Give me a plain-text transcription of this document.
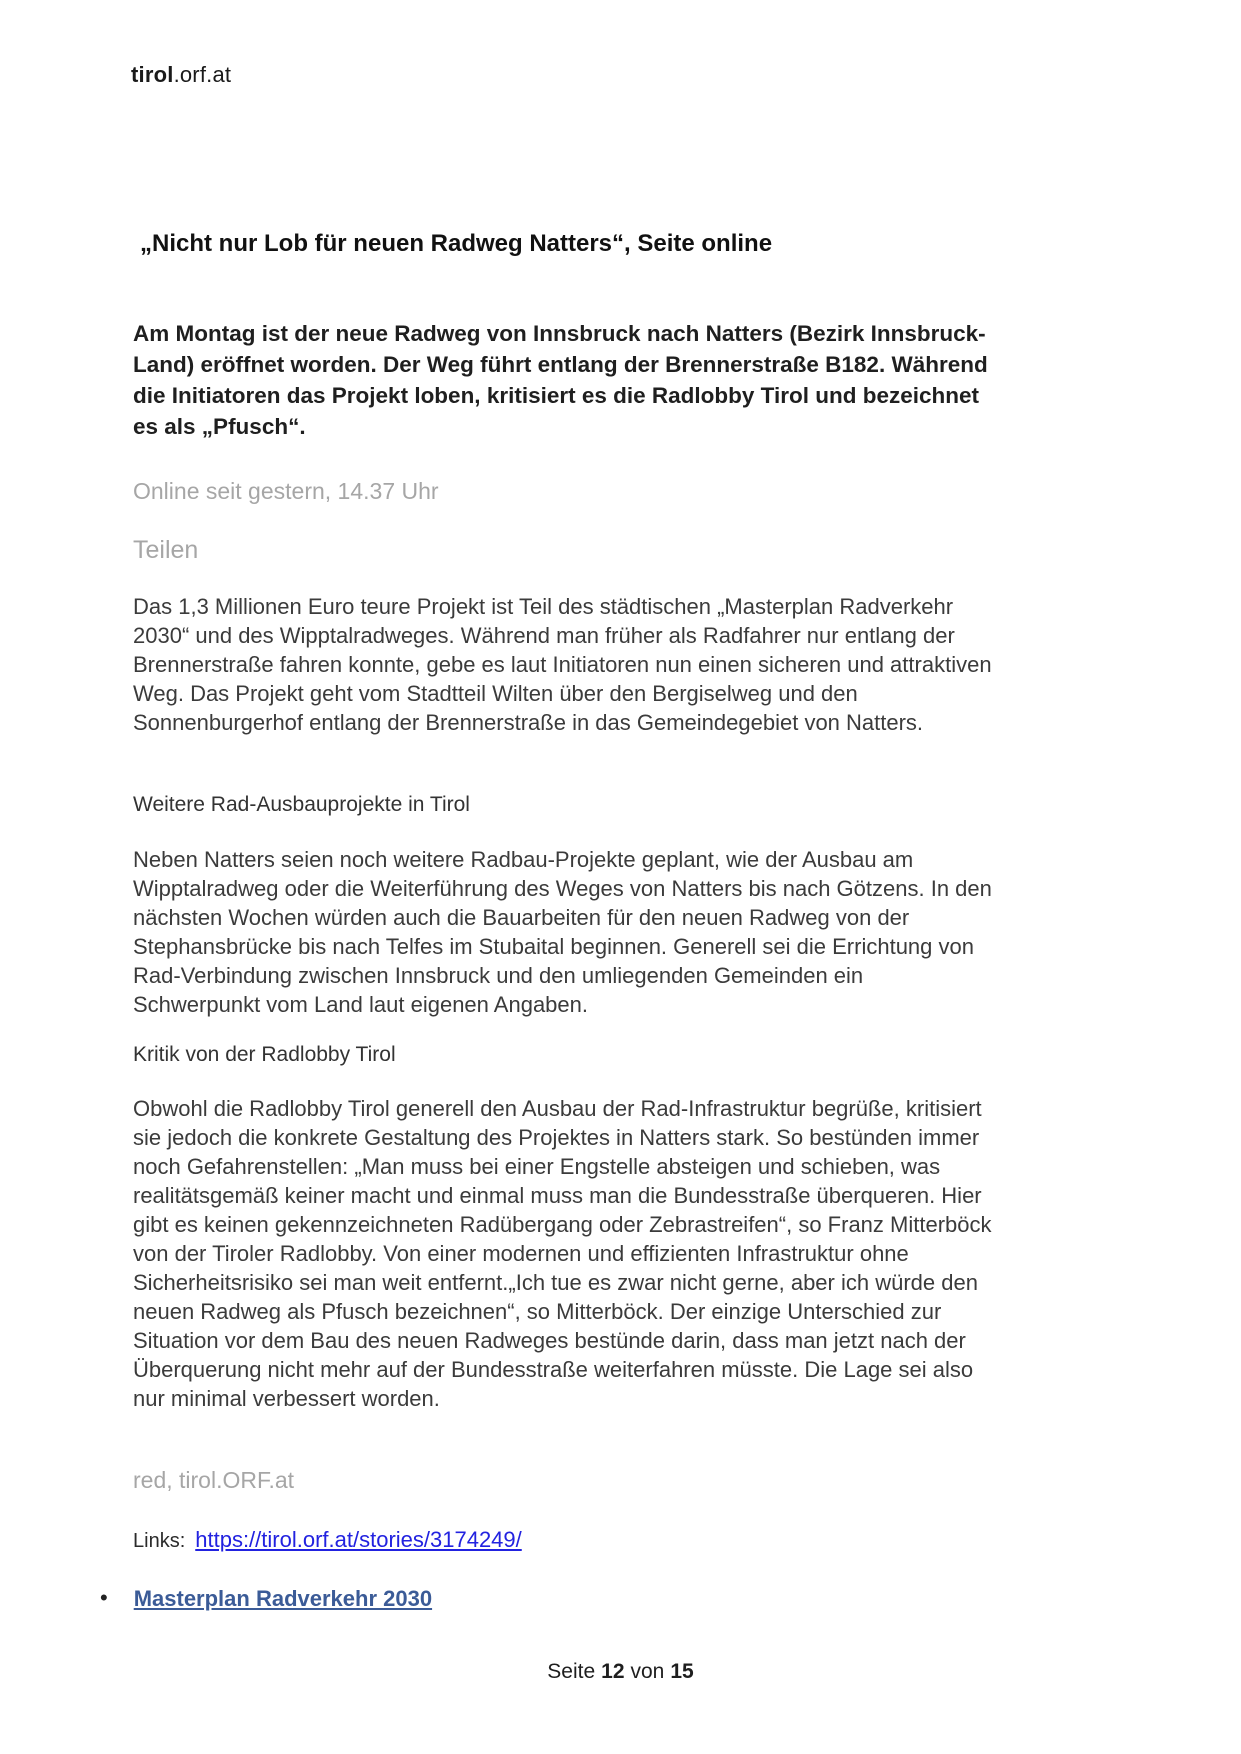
tirol.orf.at
„Nicht nur Lob für neuen Radweg Natters“, Seite online
Am Montag ist der neue Radweg von Innsbruck nach Natters (Bezirk Innsbruck-Land) eröffnet worden. Der Weg führt entlang der Brennerstraße B182. Während die Initiatoren das Projekt loben, kritisiert es die Radlobby Tirol und bezeichnet es als „Pfusch“.
Online seit gestern, 14.37 Uhr
Teilen
Das 1,3 Millionen Euro teure Projekt ist Teil des städtischen „Masterplan Radverkehr 2030“ und des Wipptalradweges. Während man früher als Radfahrer nur entlang der Brennerstraße fahren konnte, gebe es laut Initiatoren nun einen sicheren und attraktiven Weg. Das Projekt geht vom Stadtteil Wilten über den Bergiselweg und den Sonnenburgerhof entlang der Brennerstraße in das Gemeindegebiet von Natters.
Weitere Rad-Ausbauprojekte in Tirol
Neben Natters seien noch weitere Radbau-Projekte geplant, wie der Ausbau am Wipptalradweg oder die Weiterführung des Weges von Natters bis nach Götzens. In den nächsten Wochen würden auch die Bauarbeiten für den neuen Radweg von der Stephansbrücke bis nach Telfes im Stubaital beginnen. Generell sei die Errichtung von Rad-Verbindung zwischen Innsbruck und den umliegenden Gemeinden ein Schwerpunkt vom Land laut eigenen Angaben.
Kritik von der Radlobby Tirol
Obwohl die Radlobby Tirol generell den Ausbau der Rad-Infrastruktur begrüße, kritisiert sie jedoch die konkrete Gestaltung des Projektes in Natters stark. So bestünden immer noch Gefahrenstellen: „Man muss bei einer Engstelle absteigen und schieben, was realitätsgemäß keiner macht und einmal muss man die Bundesstraße überqueren. Hier gibt es keinen gekennzeichneten Radübergang oder Zebrastreifen“, so Franz Mitterböck von der Tiroler Radlobby. Von einer modernen und effizienten Infrastruktur ohne Sicherheitsrisiko sei man weit entfernt.„Ich tue es zwar nicht gerne, aber ich würde den neuen Radweg als Pfusch bezeichnen“, so Mitterböck. Der einzige Unterschied zur Situation vor dem Bau des neuen Radweges bestünde darin, dass man jetzt nach der Überquerung nicht mehr auf der Bundesstraße weiterfahren müsste. Die Lage sei also nur minimal verbessert worden.
red, tirol.ORF.at
Links: https://tirol.orf.at/stories/3174249/
• Masterplan Radverkehr 2030
Seite 12 von 15
